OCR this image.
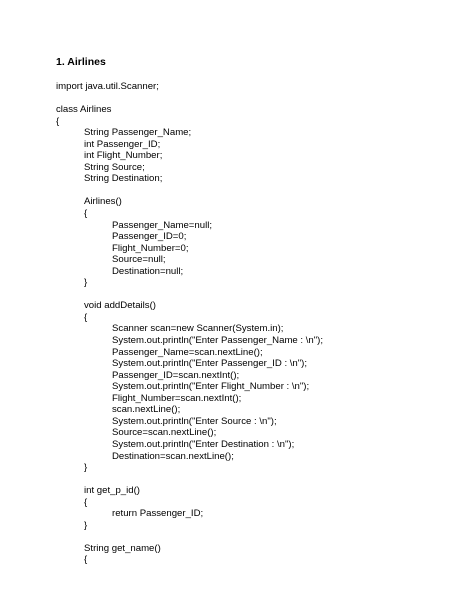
1. Airlines
import java.util.Scanner;
class Airlines
{
String Passenger_Name;
int Passenger_ID;
int Flight_Number;
String Source;
String Destination;
Airlines()
{
Passenger_Name=null;
Passenger_ID=0;
Flight_Number=0;
Source=null;
Destination=null;
}
void addDetails()
{
Scanner scan=new Scanner(System.in);
System.out.println("Enter Passenger_Name : \n");
Passenger_Name=scan.nextLine();
System.out.println("Enter Passenger_ID : \n");
Passenger_ID=scan.nextInt();
System.out.println("Enter Flight_Number : \n");
Flight_Number=scan.nextInt();
scan.nextLine();
System.out.println("Enter Source : \n");
Source=scan.nextLine();
System.out.println("Enter Destination : \n");
Destination=scan.nextLine();
}
int get_p_id()
{
return Passenger_ID;
}
String get_name()
{
